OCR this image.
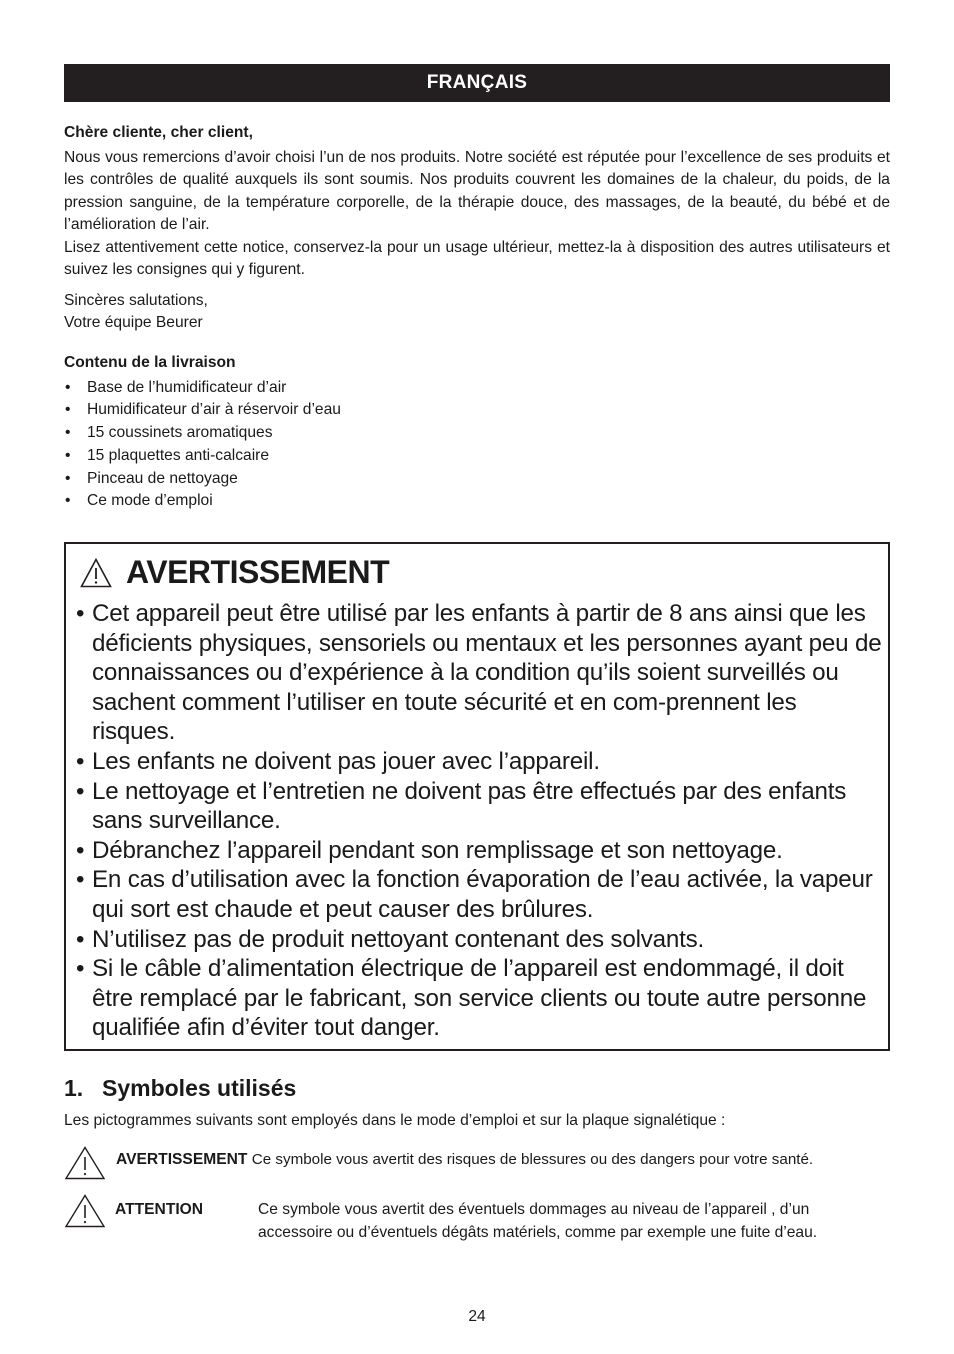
FRANÇAIS

Chère cliente, cher client,

Nous vous remercions d’avoir choisi l’un de nos produits. Notre société est réputée pour l’excellence de ses produits et les contrôles de qualité auxquels ils sont soumis. Nos produits couvrent les domaines de la chaleur, du poids, de la pression sanguine, de la température corporelle, de la thérapie douce, des massages, de la beauté, du bébé et de l’amélioration de l’air.

Lisez attentivement cette notice, conservez-la pour un usage ultérieur, mettez-la à disposition des autres utilisateurs et suivez les consignes qui y figurent.

Sincères salutations,

Votre équipe Beurer

Contenu de la livraison

• Base de l’humidificateur d’air
• Humidificateur d’air à réservoir d’eau
• 15 coussinets aromatiques
• 15 plaquettes anti-calcaire
• Pinceau de nettoyage
• Ce mode d’emploi
AVERTISSEMENT
• Cet appareil peut être utilisé par les enfants à partir de 8 ans ainsi que les déficients physiques, sensoriels ou mentaux et les personnes ayant peu de connaissances ou d’expérience à la condition qu’ils soient surveillés ou sachent comment l’utiliser en toute sécurité et en com-prennent les risques.
• Les enfants ne doivent pas jouer avec l’appareil.
• Le nettoyage et l’entretien ne doivent pas être effectués par des enfants sans surveillance.
• Débranchez l’appareil pendant son remplissage et son nettoyage.
• En cas d’utilisation avec la fonction évaporation de l’eau activée, la vapeur qui sort est chaude et peut causer des brûlures.
• N’utilisez pas de produit nettoyant contenant des solvants.
• Si le câble d’alimentation électrique de l’appareil est endommagé, il doit être remplacé par le fabricant, son service clients ou toute autre personne qualifiée afin d’éviter tout danger.
1. Symboles utilisés
Les pictogrammes suivants sont employés dans le mode d’emploi et sur la plaque signalétique :
AVERTISSEMENT Ce symbole vous avertit des risques de blessures ou des dangers pour votre santé.
ATTENTION	Ce symbole vous avertit des éventuels dommages au niveau de l’appareil , d’un

accessoire ou d’éventuels dégâts matériels, comme par exemple une fuite d’eau.

24
